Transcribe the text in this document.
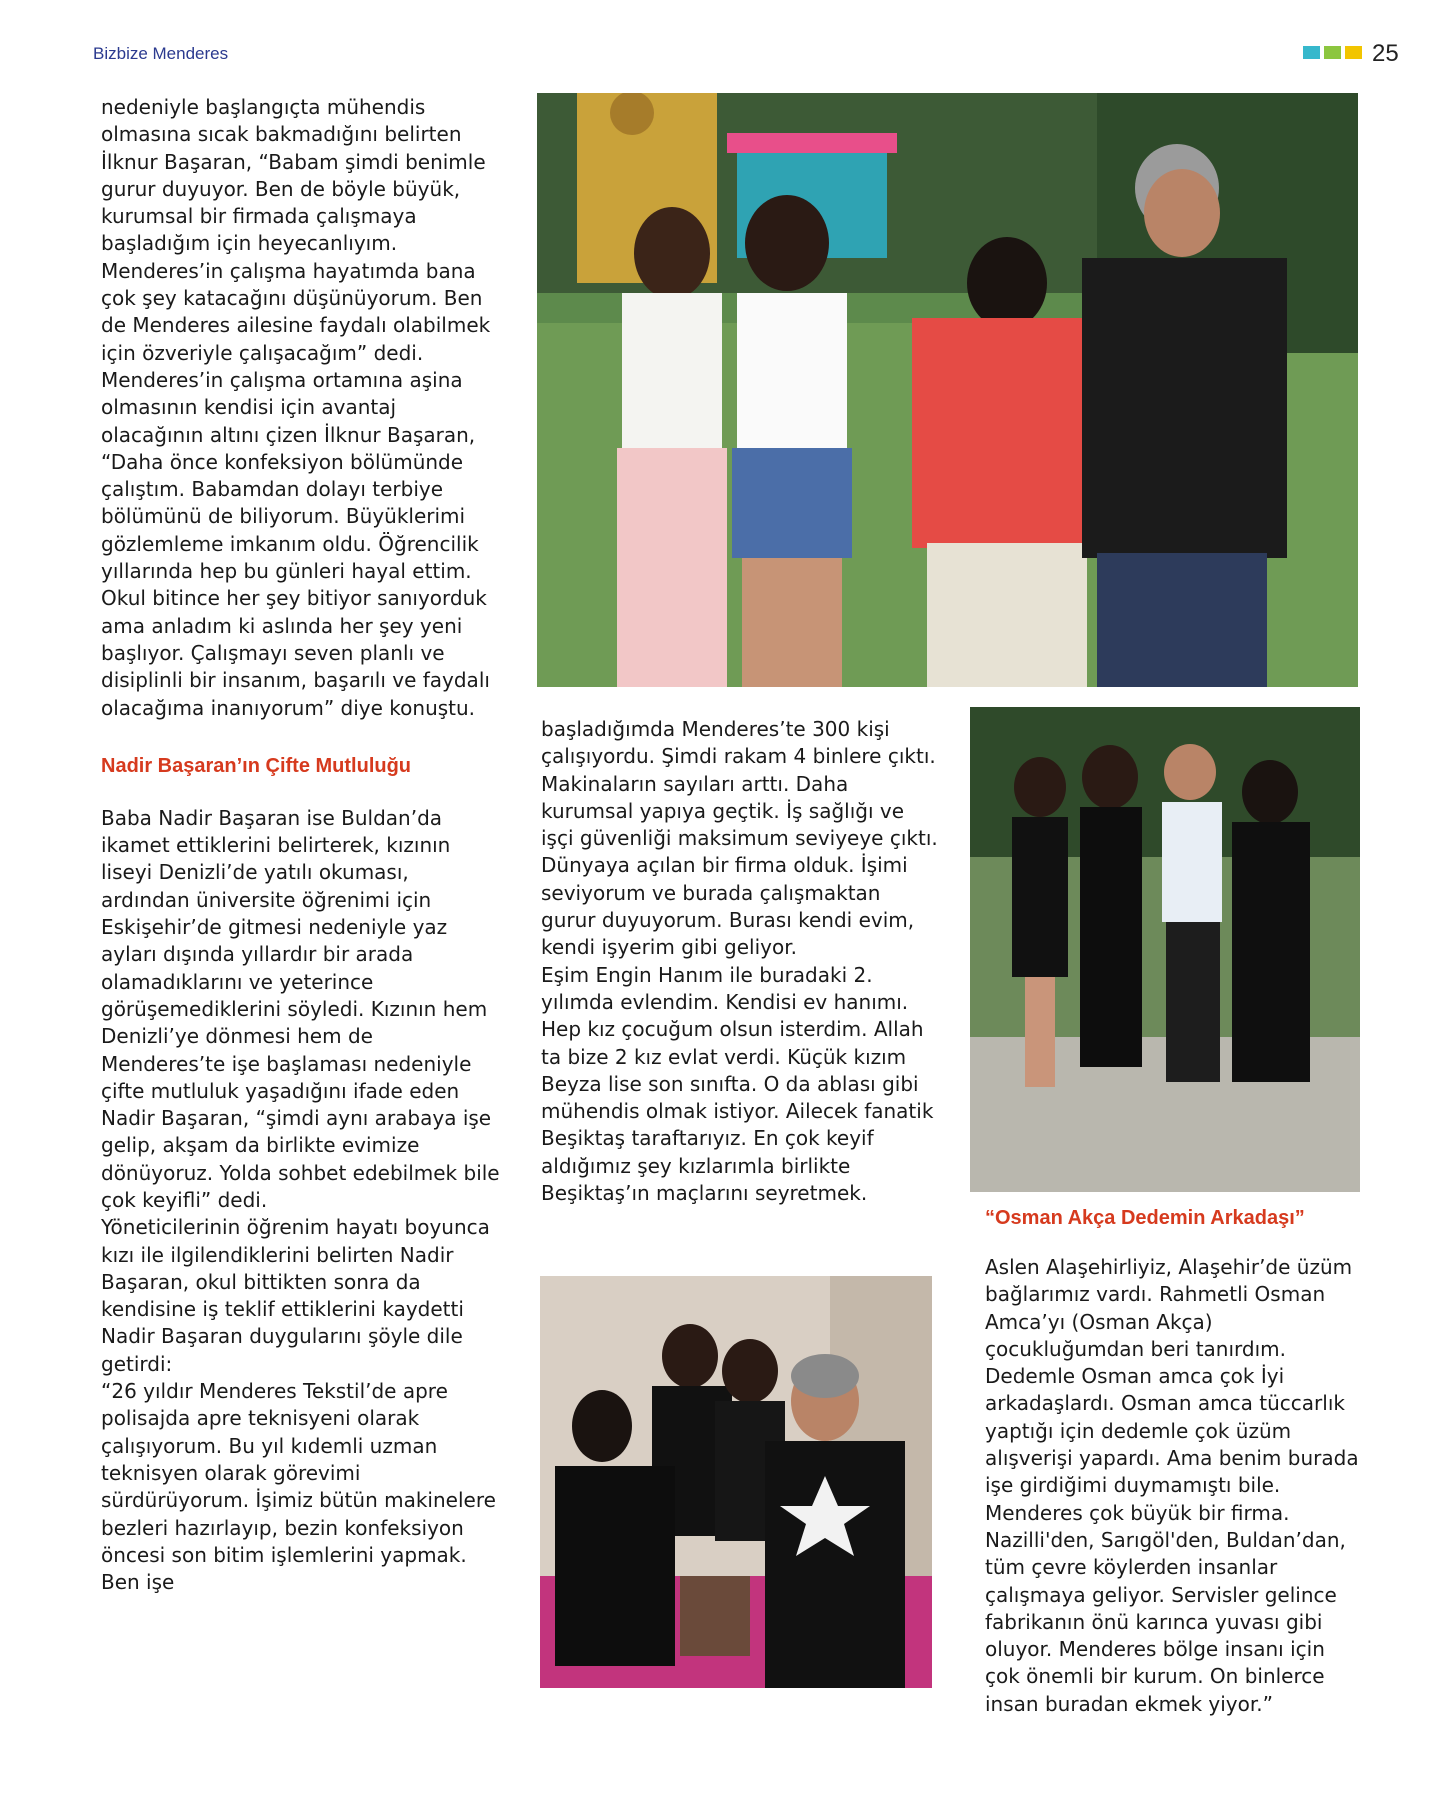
Bizbize Menderes	25

nedeniyle başlangıçta mühendis olmasına sıcak bakmadığını belirten İlknur Başaran, “Babam şimdi benimle gurur duyuyor. Ben de böyle büyük, kurumsal bir firmada çalışmaya başladığım için heyecanlıyım. Menderes’in çalışma hayatımda bana çok şey katacağını düşünüyorum. Ben de Menderes ailesine faydalı olabilmek için özveriyle çalışacağım” dedi. Menderes’in çalışma ortamına aşina olmasının kendisi için avantaj olacağının altını çizen İlknur Başaran, “Daha önce konfeksiyon bölümünde çalıştım. Babamdan dolayı terbiye bölümünü de biliyorum. Büyüklerimi gözlemleme imkanım oldu. Öğrencilik yıllarında hep bu günleri hayal ettim. Okul bitince her şey bitiyor sanıyorduk ama anladım ki aslında her şey yeni başlıyor. Çalışmayı seven planlı ve disiplinli bir insanım, başarılı ve faydalı olacağıma inanıyorum” diye konuştu.

Nadir Başaran’ın Çifte Mutluluğu

Baba Nadir Başaran ise Buldan’da ikamet ettiklerini belirterek, kızının liseyi Denizli’de yatılı okuması, ardından üniversite öğrenimi için Eskişehir’de gitmesi nedeniyle yaz ayları dışında yıllardır bir arada olamadıklarını ve yeterince görüşemediklerini söyledi. Kızının hem Denizli’ye dönmesi hem de Menderes’te işe başlaması nedeniyle çifte mutluluk yaşadığını ifade eden Nadir Başaran, “şimdi aynı arabaya işe gelip, akşam da birlikte evimize dönüyoruz. Yolda sohbet edebilmek bile çok keyifli” dedi.
Yöneticilerinin öğrenim hayatı boyunca kızı ile ilgilendiklerini belirten Nadir Başaran, okul bittikten sonra da kendisine iş teklif ettiklerini kaydetti
Nadir Başaran duygularını şöyle dile getirdi:
“26 yıldır Menderes Tekstil’de apre polisajda apre teknisyeni olarak çalışıyorum. Bu yıl kıdemli uzman teknisyen olarak görevimi sürdürüyorum. İşimiz bütün makinelere bezleri hazırlayıp, bezin konfeksiyon öncesi son bitim işlemlerini yapmak. Ben işe

başladığımda Menderes’te 300 kişi çalışıyordu. Şimdi rakam 4 binlere çıktı. Makinaların sayıları arttı. Daha kurumsal yapıya geçtik. İş sağlığı ve işçi güvenliği maksimum seviyeye çıktı. Dünyaya açılan bir firma olduk. İşimi seviyorum ve burada çalışmaktan gurur duyuyorum. Burası kendi evim, kendi işyerim gibi geliyor.
Eşim Engin Hanım ile buradaki 2. yılımda evlendim. Kendisi ev hanımı. Hep kız çocuğum olsun isterdim. Allah ta bize 2 kız evlat verdi. Küçük kızım Beyza lise son sınıfta. O da ablası gibi mühendis olmak istiyor. Ailecek fanatik Beşiktaş taraftarıyız. En çok keyif aldığımız şey kızlarımla birlikte Beşiktaş’ın maçlarını seyretmek.

“Osman Akça Dedemin Arkadaşı”

Aslen Alaşehirliyiz, Alaşehir’de üzüm bağlarımız vardı. Rahmetli Osman Amca’yı (Osman Akça) çocukluğumdan beri tanırdım. Dedemle Osman amca çok İyi arkadaşlardı. Osman amca tüccarlık yaptığı için dedemle çok üzüm alışverişi yapardı. Ama benim burada işe girdiğimi duymamıştı bile. Menderes çok büyük bir firma. Nazilli'den, Sarıgöl'den, Buldan’dan, tüm çevre köylerden insanlar çalışmaya geliyor. Servisler gelince fabrikanın önü karınca yuvası gibi oluyor. Menderes bölge insanı için çok önemli bir kurum. On binlerce insan buradan ekmek yiyor.”
